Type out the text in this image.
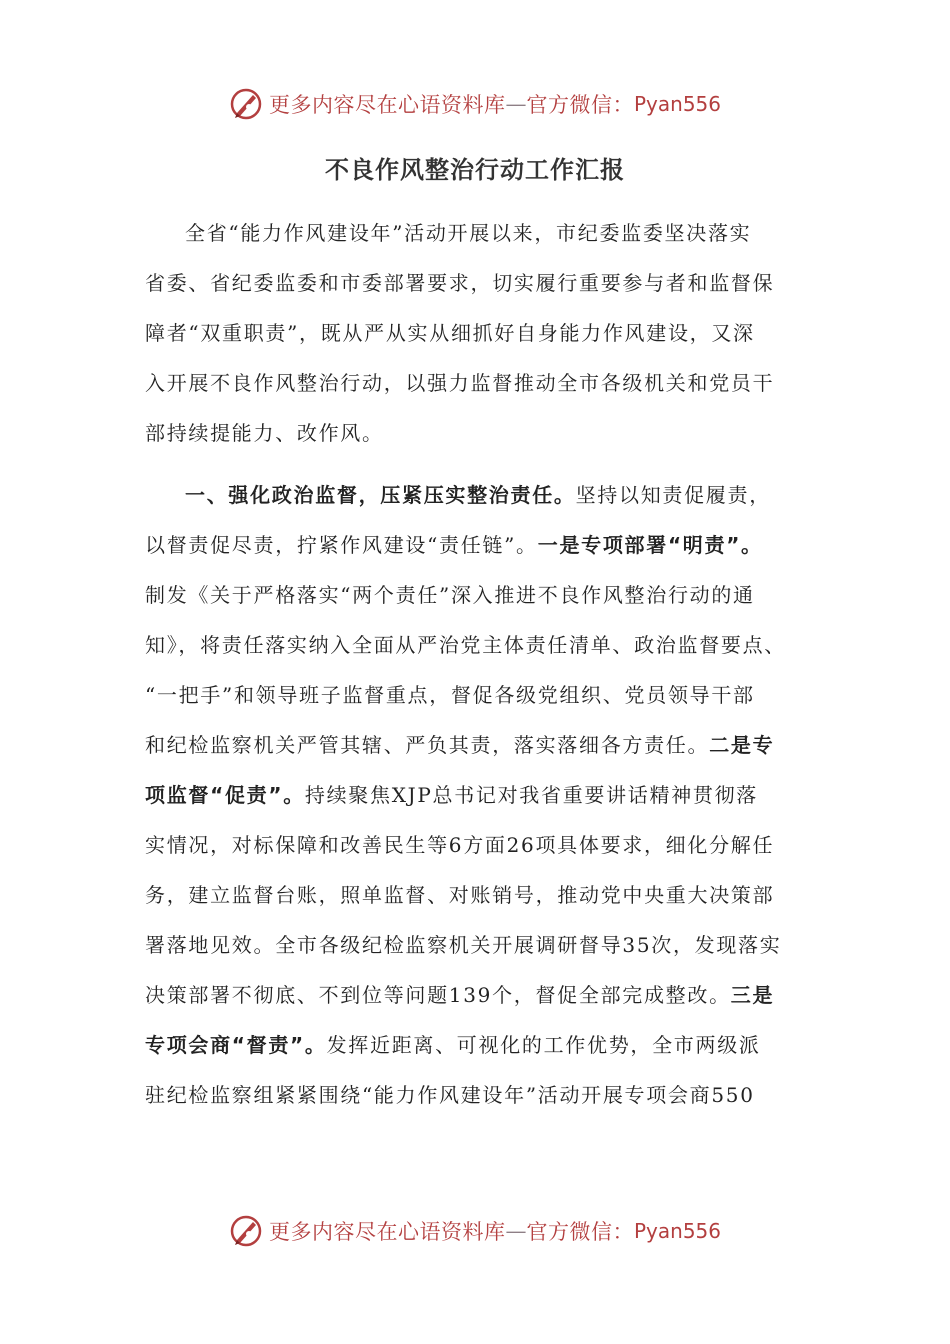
更多内容尽在心语资料库 — 官方微信： Pyan556
不良作风整治行动工作汇报
全省“能力作风建设年”活动开展以来，市纪委监委坚决落实
省委、省纪委监委和市委部署要求，切实履行重要参与者和监督保
障者“双重职责”，既从严从实从细抓好自身能力作风建设，又深
入开展不良作风整治行动，以强力监督推动全市各级机关和党员干
部持续提能力、改作风。
一、强化政治监督，压紧压实整治责任。坚持以知责促履责，
以督责促尽责，拧紧作风建设“责任链”。一是专项部署“明责”。
制发《关于严格落实“两个责任”深入推进不良作风整治行动的通
知》，将责任落实纳入全面从严治党主体责任清单、政治监督要点、
“一把手”和领导班子监督重点，督促各级党组织、党员领导干部
和纪检监察机关严管其辖、严负其责，落实落细各方责任。二是专
项监督“促责”。持续聚焦XJP总书记对我省重要讲话精神贯彻落
实情况，对标保障和改善民生等6方面26项具体要求，细化分解任
务，建立监督台账，照单监督、对账销号，推动党中央重大决策部
署落地见效。全市各级纪检监察机关开展调研督导35次，发现落实
决策部署不彻底、不到位等问题139个，督促全部完成整改。三是
专项会商“督责”。发挥近距离、可视化的工作优势，全市两级派
驻纪检监察组紧紧围绕“能力作风建设年”活动开展专项会商550
更多内容尽在心语资料库 — 官方微信： Pyan556
